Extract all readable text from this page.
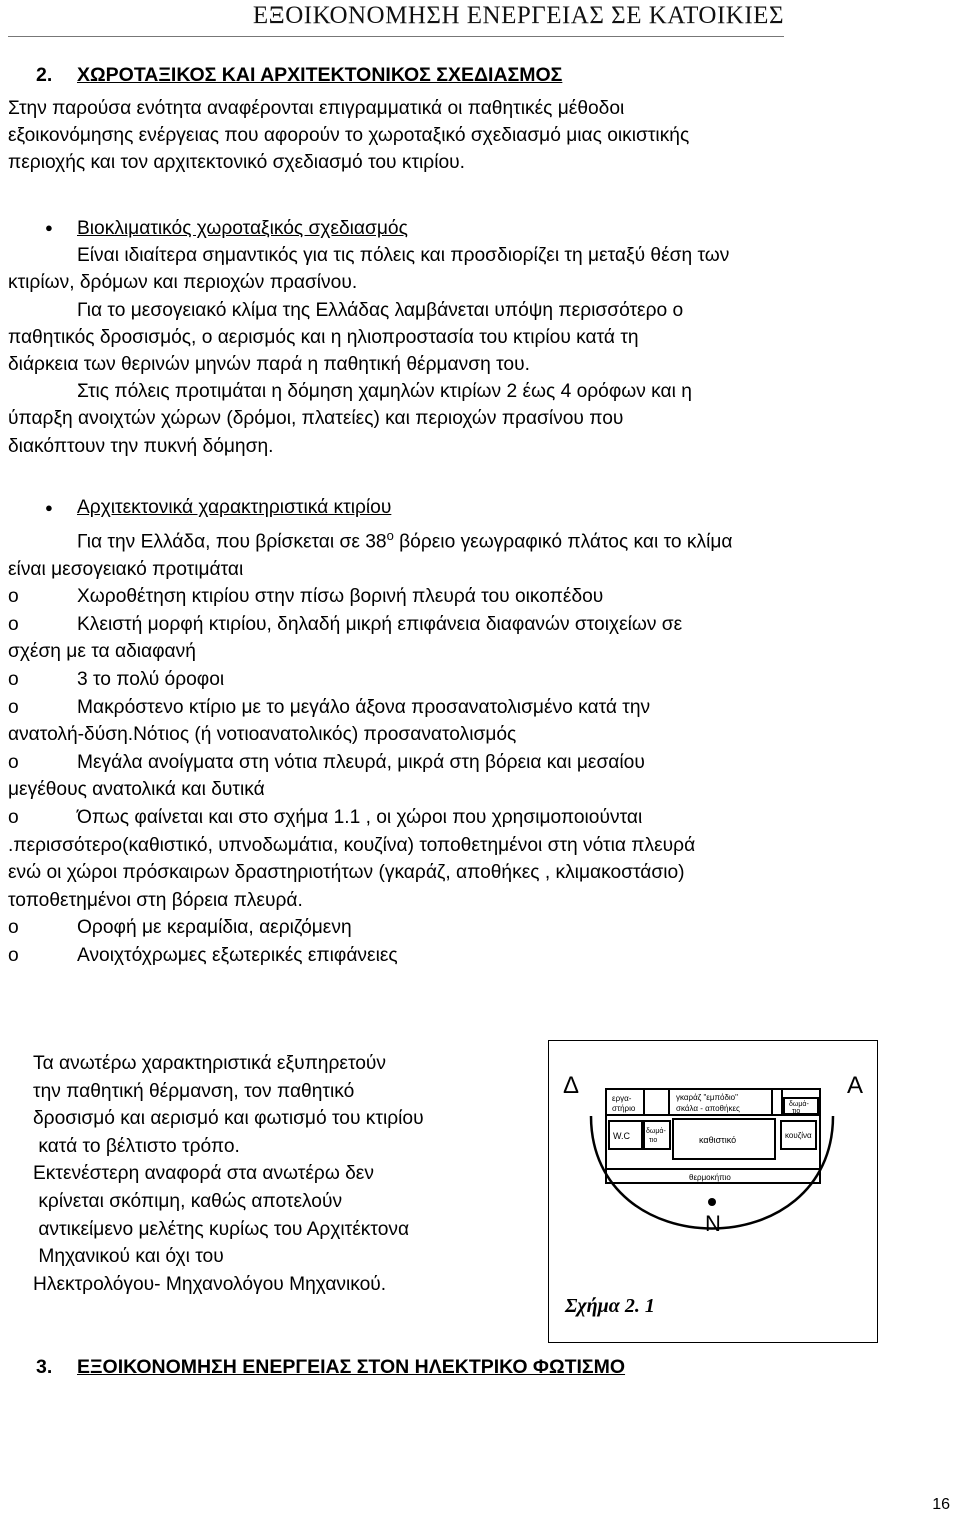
ΕΞΟΙΚΟΝΟΜΗΣΗ ΕΝΕΡΓΕΙΑΣ ΣΕ ΚΑΤΟΙΚΙΕΣ
2. ΧΩΡΟΤΑΞΙΚΟΣ ΚΑΙ ΑΡΧΙΤΕΚΤΟΝΙΚΟΣ ΣΧΕΔΙΑΣΜΟΣ
Στην παρούσα ενότητα αναφέρονται επιγραμματικά οι παθητικές μέθοδοι
εξοικονόμησης ενέργειας που αφορούν το χωροταξικό σχεδιασμό μιας οικιστικής
περιοχής και τον αρχιτεκτονικό σχεδιασμό του κτιρίου.
●	Βιοκλιματικός χωροταξικός σχεδιασμός
Είναι ιδιαίτερα σημαντικός για τις πόλεις και προσδιορίζει τη μεταξύ θέση των
κτιρίων, δρόμων και περιοχών πρασίνου.
Για το μεσογειακό κλίμα της Ελλάδας λαμβάνεται υπόψη περισσότερο ο
παθητικός δροσισμός, ο αερισμός και η ηλιοπροστασία του κτιρίου κατά τη
διάρκεια των θερινών μηνών παρά η παθητική θέρμανση του.
Στις πόλεις προτιμάται η δόμηση χαμηλών κτιρίων 2 έως 4 ορόφων και η
ύπαρξη ανοιχτών χώρων (δρόμοι, πλατείες) και περιοχών πρασίνου που
διακόπτουν την πυκνή δόμηση.
●	Αρχιτεκτονικά χαρακτηριστικά κτιρίου
Για την Ελλάδα, που βρίσκεται σε $38^o$ βόρειο γεωγραφικό πλάτος και το κλίμα
είναι μεσογειακό προτιμάται
o	Χωροθέτηση κτιρίου στην πίσω βορινή πλευρά του οικοπέδου
o	Κλειστή μορφή κτιρίου, δηλαδή μικρή επιφάνεια διαφανών στοιχείων σε
σχέση με τα αδιαφανή
o	3 το πολύ όροφοι
o	Μακρόστενο κτίριο με το μεγάλο άξονα προσανατολισμένο κατά την
ανατολή-δύση.Νότιος (ή νοτιοανατολικός) προσανατολισμός
o	Μεγάλα ανοίγματα στη νότια πλευρά, μικρά στη βόρεια και μεσαίου
μεγέθους ανατολικά και δυτικά
o	Όπως φαίνεται και στο σχήμα 1.1 , οι χώροι που χρησιμοποιούνται
.περισσότερο(καθιστικό, υπνοδωμάτια, κουζίνα) τοποθετημένοι στη νότια πλευρά
ενώ οι χώροι πρόσκαιρων δραστηριοτήτων (γκαράζ, αποθήκες , κλιμακοστάσιο)
τοποθετημένοι στη βόρεια πλευρά.
o	Οροφή με κεραμίδια, αεριζόμενη
o	Ανοιχτόχρωμες εξωτερικές επιφάνειες
Τα ανωτέρω χαρακτηριστικά εξυπηρετούν
την παθητική θέρμανση, τον παθητικό
δροσισμό και αερισμό και φωτισμό του κτιρίου
κατά το βέλτιστο τρόπο.
Εκτενέστερη αναφορά στα ανωτέρω δεν
κρίνεται σκόπιμη, καθώς αποτελούν
αντικείμενο μελέτης κυρίως του Αρχιτέκτονα
Μηχανικού και όχι του
Ηλεκτρολόγου- Μηχανολόγου Μηχανικού.
Δ	Α
Ν
εργα-
στήριο
γκαράζ "εμπόδιο"
σκάλα - αποθήκες	δωμά-
τιο
W.C δωμά-
τιο	καθιστικό	κουζίνα
θερμοκήπιο
Σχήμα 2. 1
3. ΕΞΟΙΚΟΝΟΜΗΣΗ ΕΝΕΡΓΕΙΑΣ ΣΤΟΝ ΗΛΕΚΤΡΙΚΟ ΦΩΤΙΣΜΟ
16
